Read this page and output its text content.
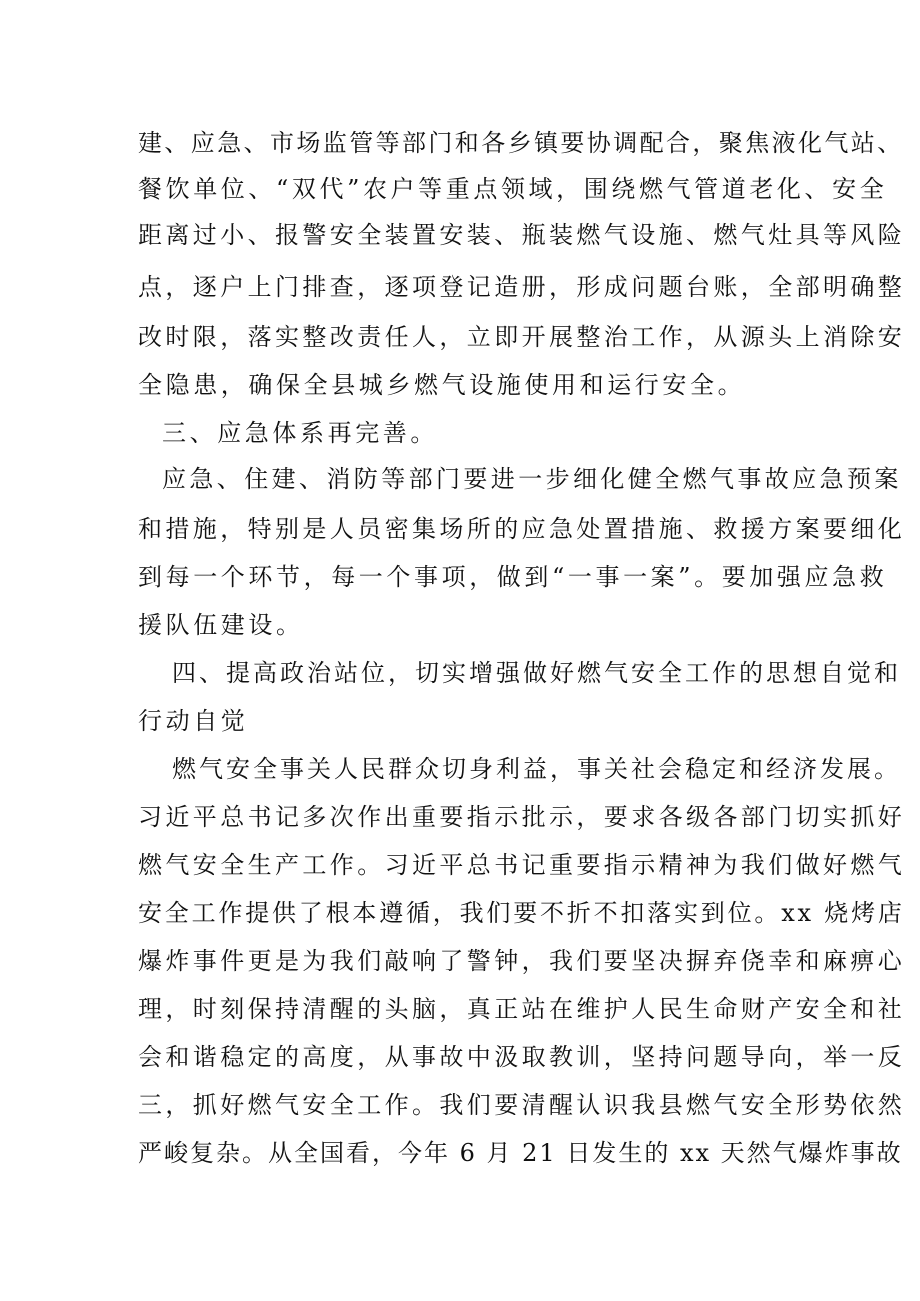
建、应急、市场监管等部门和各乡镇要协调配合，聚焦液化气站、
餐饮单位、“双代”农户等重点领域，围绕燃气管道老化、安全
距离过小、报警安全装置安装、瓶装燃气设施、燃气灶具等风险
点，逐户上门排查，逐项登记造册，形成问题台账，全部明确整
改时限，落实整改责任人，立即开展整治工作，从源头上消除安
全隐患，确保全县城乡燃气设施使用和运行安全。
三、应急体系再完善。
应急、住建、消防等部门要进一步细化健全燃气事故应急预案
和措施，特别是人员密集场所的应急处置措施、救援方案要细化
到每一个环节，每一个事项，做到“一事一案”。要加强应急救
援队伍建设。
四、提高政治站位，切实增强做好燃气安全工作的思想自觉和
行动自觉
燃气安全事关人民群众切身利益，事关社会稳定和经济发展。
习近平总书记多次作出重要指示批示，要求各级各部门切实抓好
燃气安全生产工作。习近平总书记重要指示精神为我们做好燃气
安全工作提供了根本遵循，我们要不折不扣落实到位。xx 烧烤店
爆炸事件更是为我们敲响了警钟，我们要坚决摒弃侥幸和麻痹心
理，时刻保持清醒的头脑，真正站在维护人民生命财产安全和社
会和谐稳定的高度，从事故中汲取教训，坚持问题导向，举一反
三，抓好燃气安全工作。我们要清醒认识我县燃气安全形势依然
严峻复杂。从全国看，今年 6 月 21 日发生的 xx 天然气爆炸事故
